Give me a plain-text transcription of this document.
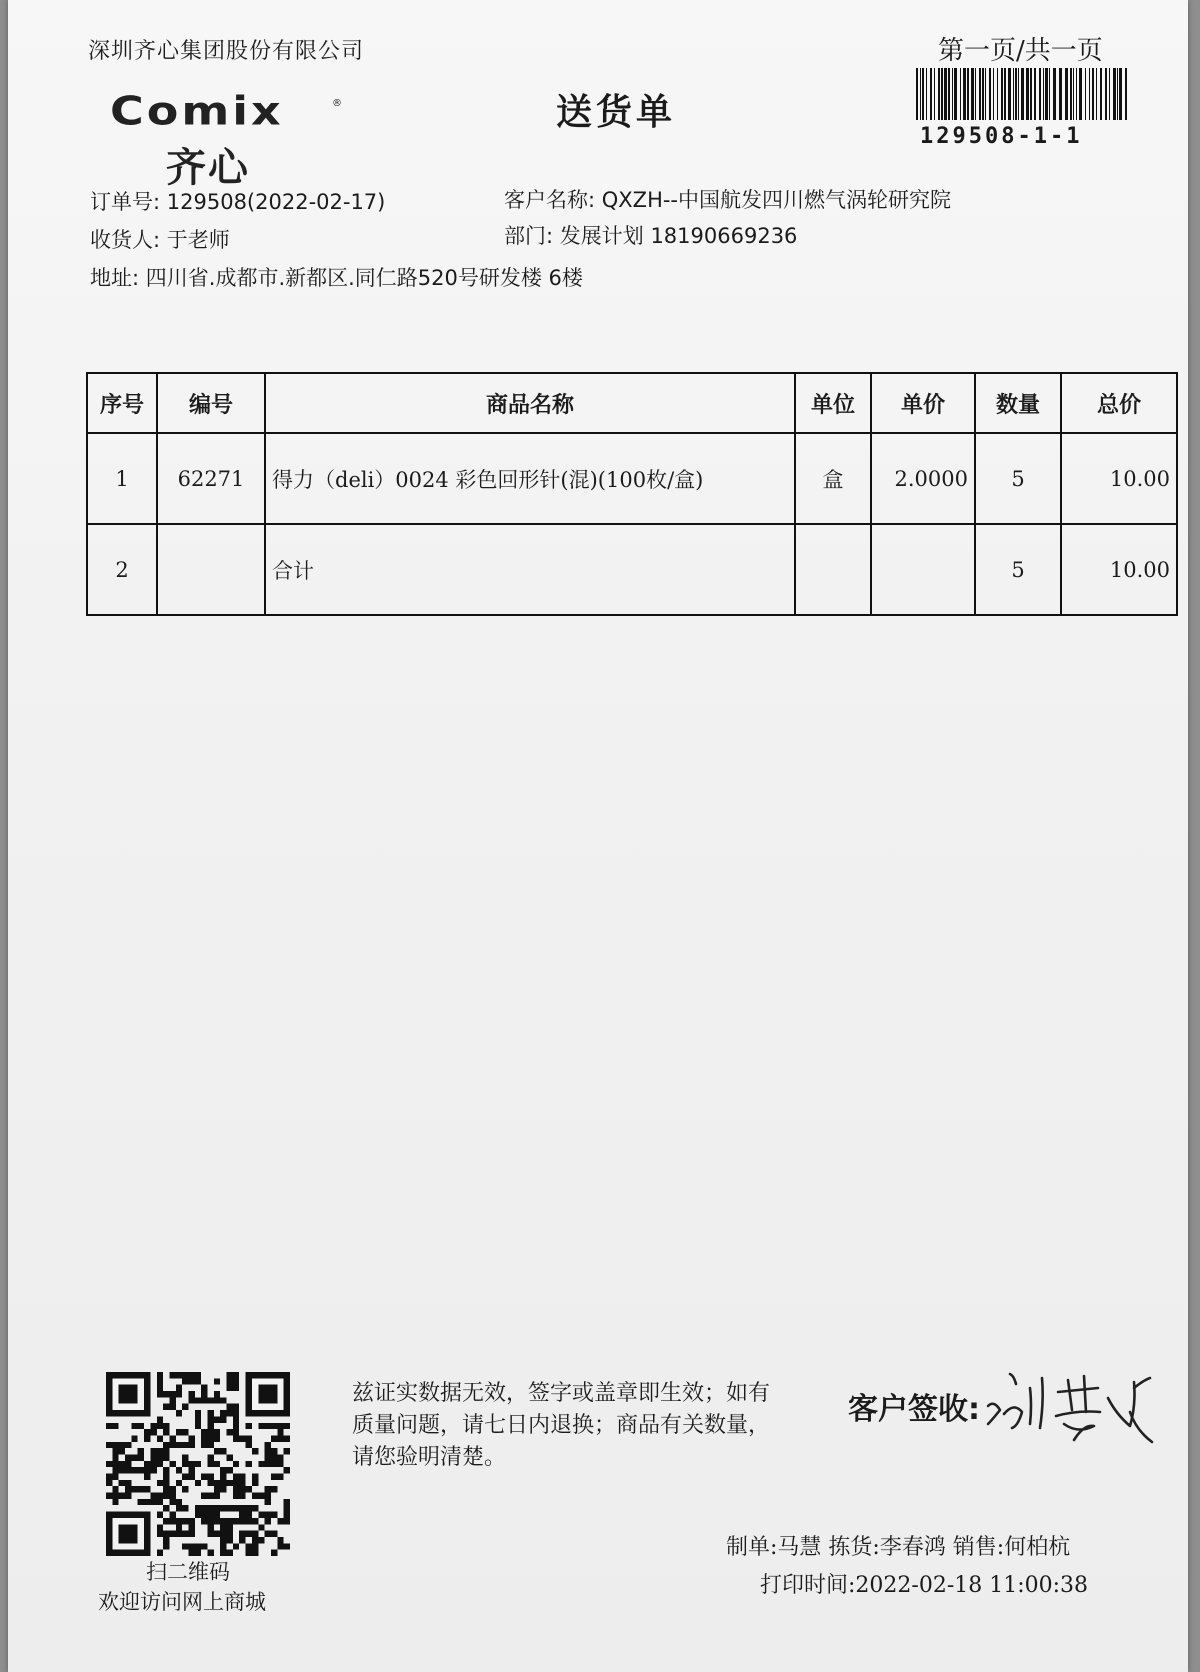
深圳齐心集团股份有限公司	第一页/共一页
送货单
Comix	®
齐心
129508-1-1
订单号: 129508(2022-02-17)	客户名称: QXZH--中国航发四川燃气涡轮研究院
收货人: 于老师	部门: 发展计划 18190669236
地址: 四川省.成都市.新都区.同仁路520号研发楼 6楼
序号	编号	商品名称	单位	单价	数量	总价
1	62271	得力（deli）0024 彩色回形针(混)(100枚/盒)	盒	2.0000	5	10.00
2		合计			5	10.00
扫二维码
欢迎访问网上商城
兹证实数据无效，签字或盖章即生效；如有质量问题，请七日内退换；商品有关数量，请您验明清楚。
客户签收:
制单:马慧 拣货:李春鸿 销售:何柏杭
打印时间:2022-02-18 11:00:38
